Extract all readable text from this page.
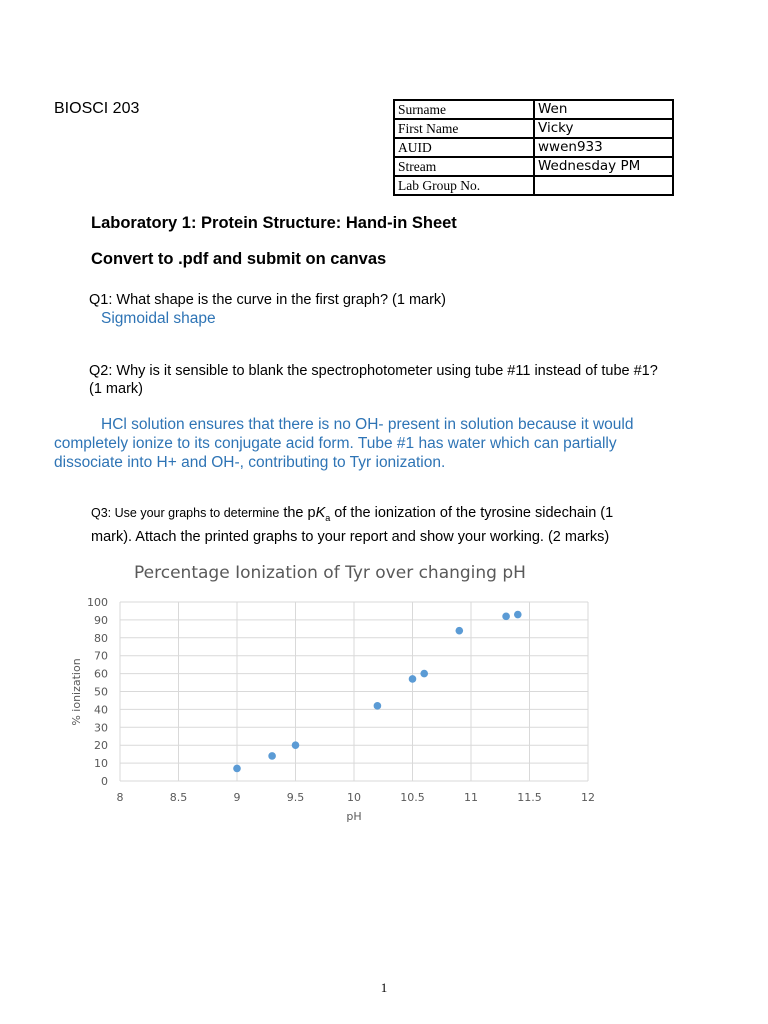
BIOSCI 203	Surname	Wen
First Name	Vicky
AUID	wwen933
Stream	Wednesday PM
Lab Group No.	
Laboratory 1: Protein Structure: Hand-in Sheet
Convert to .pdf and submit on canvas
Q1: What shape is the curve in the first graph? (1 mark)
Sigmoidal shape
Q2: Why is it sensible to blank the spectrophotometer using tube #11 instead of tube #1?
(1 mark)
HCl solution ensures that there is no OH- present in solution because it would
completely ionize to its conjugate acid form. Tube #1 has water which can partially
dissociate into H+ and OH-, contributing to Tyr ionization.
Q3: Use your graphs to determine the $pK_a$ of the ionization of the tyrosine sidechain (1
mark). Attach the printed graphs to your report and show your working. (2 marks)
Percentage Ionization of Tyr over changing pH
0
10
20
30
40
50
60
70
80
90
100
8	8.5	9	9.5	10	10.5	11	11.5	12
pH
% ionization
1
